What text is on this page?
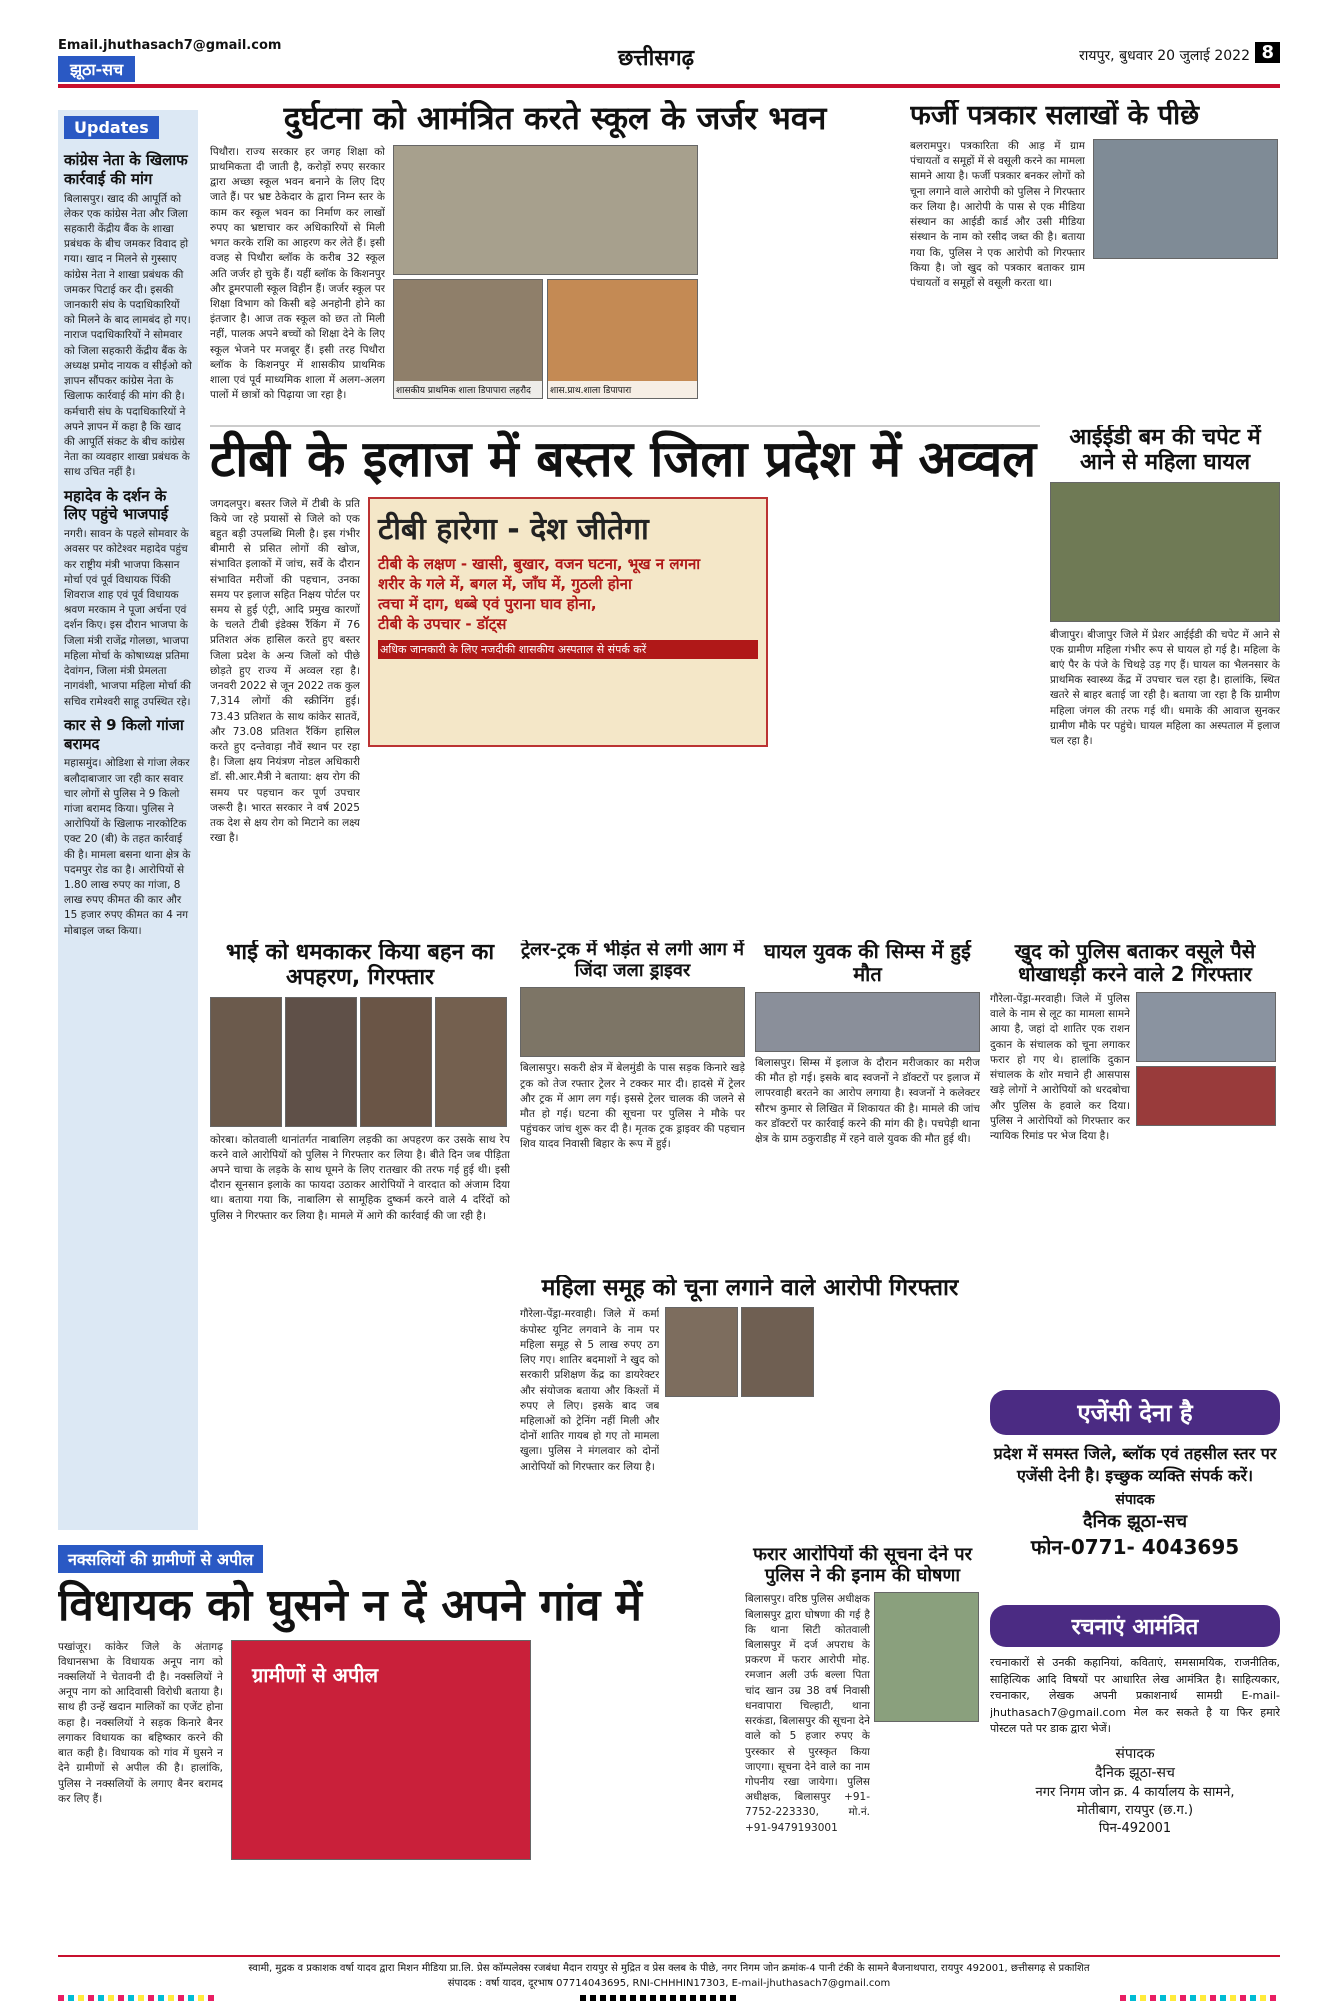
Email.jhuthasach7@gmail.com
झूठा-सच	छत्तीसगढ़	रायपुर, बुधवार 20 जुलाई 2022 8
Updates
कांग्रेस नेता के खिलाफ कार्रवाई की मांग
बिलासपुर। खाद की आपूर्ति को लेकर एक कांग्रेस नेता और जिला सहकारी केंद्रीय बैंक के शाखा प्रबंधक के बीच जमकर विवाद हो गया। खाद न मिलने से गुस्साए कांग्रेस नेता ने शाखा प्रबंधक की जमकर पिटाई कर दी। इसकी जानकारी संघ के पदाधिकारियों को मिलने के बाद लामबंद हो गए। नाराज पदाधिकारियों ने सोमवार को जिला सहकारी केंद्रीय बैंक के अध्यक्ष प्रमोद नायक व सीईओ को ज्ञापन सौंपकर कांग्रेस नेता के खिलाफ कार्रवाई की मांग की है। कर्मचारी संघ के पदाधिकारियों ने अपने ज्ञापन में कहा है कि खाद की आपूर्ति संकट के बीच कांग्रेस नेता का व्यवहार शाखा प्रबंधक के साथ उचित नहीं है।
महादेव के दर्शन के लिए पहुंचे भाजपाई
नगरी। सावन के पहले सोमवार के अवसर पर कोटेश्वर महादेव पहुंच कर राष्ट्रीय मंत्री भाजपा किसान मोर्चा एवं पूर्व विधायक पिंकी शिवराज शाह एवं पूर्व विधायक श्रवण मरकाम ने पूजा अर्चना एवं दर्शन किए। इस दौरान भाजपा के जिला मंत्री राजेंद्र गोलछा, भाजपा महिला मोर्चा के कोषाध्यक्ष प्रतिमा देवांगन, जिला मंत्री प्रेमलता नागवंशी, भाजपा महिला मोर्चा की सचिव रामेश्वरी साहू उपस्थित रहे।
कार से 9 किलो गांजा बरामद
महासमुंद। ओडिशा से गांजा लेकर बलौदाबाजार जा रही कार सवार चार लोगों से पुलिस ने 9 किलो गांजा बरामद किया। पुलिस ने आरोपियों के खिलाफ नारकोटिक एक्ट 20 (बी) के तहत कार्रवाई की है। मामला बसना थाना क्षेत्र के पदमपुर रोड का है। आरोपियों से 1.80 लाख रुपए का गांजा, 8 लाख रुपए कीमत की कार और 15 हजार रुपए कीमत का 4 नग मोबाइल जब्त किया।
दुर्घटना को आमंत्रित करते स्कूल के जर्जर भवन
पिथौरा। राज्य सरकार हर जगह शिक्षा को प्राथमिकता दी जाती है, करोड़ों रुपए सरकार द्वारा अच्छा स्कूल भवन बनाने के लिए दिए जाते हैं। पर भ्रष्ट ठेकेदार के द्वारा निम्न स्तर के काम कर स्कूल भवन का निर्माण कर लाखों रुपए का भ्रष्टाचार कर अधिकारियों से मिली भगत करके राशि का आहरण कर लेते हैं। इसी वजह से पिथौरा ब्लॉक के करीब 32 स्कूल अति जर्जर हो चुके हैं। यहीं ब्लॉक के किशनपुर और डूमरपाली स्कूल विहीन हैं। जर्जर स्कूल पर शिक्षा विभाग को किसी बड़े अनहोनी होने का इंतजार है। आज तक स्कूल को छत तो मिली नहीं, पालक अपने बच्चों को शिक्षा देने के लिए स्कूल भेजने पर मजबूर हैं। इसी तरह पिथौरा ब्लॉक के किशनपुर में शासकीय प्राथमिक शाला एवं पूर्व माध्यमिक शाला में अलग-अलग पालों में छात्रों को पिढ़ाया जा रहा है।	शासकीय प्राथमिक शाला डिपापारा लहरौद	शास.प्राथ.शाला डिपापारा
फर्जी पत्रकार सलाखों के पीछे
बलरामपुर। पत्रकारिता की आड़ में ग्राम पंचायतों व समूहों में से वसूली करने का मामला सामने आया है। फर्जी पत्रकार बनकर लोगों को चूना लगाने वाले आरोपी को पुलिस ने गिरफ्तार कर लिया है। आरोपी के पास से एक मीडिया संस्थान का आईडी कार्ड और उसी मीडिया संस्थान के नाम को रसीद जब्त की है। बताया गया कि, पुलिस ने एक आरोपी को गिरफ्तार किया है। जो खुद को पत्रकार बताकर ग्राम पंचायतों व समूहों से वसूली करता था।
टीबी के इलाज में बस्तर जिला प्रदेश में अव्वल
जगदलपुर। बस्तर जिले में टीबी के प्रति किये जा रहे प्रयासों से जिले को एक बहुत बड़ी उपलब्धि मिली है। इस गंभीर बीमारी से प्रसित लोगों की खोज, संभावित इलाकों में जांच, सर्वे के दौरान संभावित मरीजों की पहचान, उनका समय पर इलाज सहित निक्षय पोर्टल पर समय से हुई एंट्री, आदि प्रमुख कारणों के चलते टीबी इंडेक्स रैंकिंग में 76 प्रतिशत अंक हासिल करते हुए बस्तर जिला प्रदेश के अन्य जिलों को पीछे छोड़ते हुए राज्य में अव्वल रहा है। जनवरी 2022 से जून 2022 तक कुल 7,314 लोगों की स्क्रीनिंग हुई। 73.43 प्रतिशत के साथ कांकेर सातवें, और 73.08 प्रतिशत रैंकिंग हासिल करते हुए दन्तेवाड़ा नौवें स्थान पर रहा है। जिला क्षय नियंत्रण नोडल अधिकारी डॉ. सी.आर.मैत्री ने बताया: क्षय रोग की समय पर पहचान कर पूर्ण उपचार जरूरी है। भारत सरकार ने वर्ष 2025 तक देश से क्षय रोग को मिटाने का लक्ष्य रखा है।
टीबी हारेगा - देश जीतेगा
टीबी के लक्षण - खासी, बुखार, वजन घटना, भूख न लगना
शरीर के गले में, बगल में, जाँघ में, गुठली होना
त्वचा में दाग, धब्बे एवं पुराना घाव होना,
टीबी के उपचार - डॉट्स
अधिक जानकारी के लिए नजदीकी शासकीय अस्पताल से संपर्क करें
आईईडी बम की चपेट में आने से महिला घायल
बीजापुर। बीजापुर जिले में प्रेशर आईईडी की चपेट में आने से एक ग्रामीण महिला गंभीर रूप से घायल हो गई है। महिला के बाएं पैर के पंजे के चिथड़े उड़ गए हैं। घायल का भैलनसार के प्राथमिक स्वास्थ्य केंद्र में उपचार चल रहा है। हालांकि, स्थित खतरे से बाहर बताई जा रही है। बताया जा रहा है कि ग्रामीण महिला जंगल की तरफ गई थी। धमाके की आवाज सुनकर ग्रामीण मौके पर पहुंचे। घायल महिला का अस्पताल में इलाज चल रहा है।
भाई को धमकाकर किया बहन का अपहरण, गिरफ्तार
कोरबा। कोतवाली थानांतर्गत नाबालिग लड़की का अपहरण कर उसके साथ रेप करने वाले आरोपियों को पुलिस ने गिरफ्तार कर लिया है। बीते दिन जब पीड़िता अपने चाचा के लड़के के साथ घूमने के लिए रातखार की तरफ गई हुई थी। इसी दौरान सूनसान इलाके का फायदा उठाकर आरोपियों ने वारदात को अंजाम दिया था। बताया गया कि, नाबालिग से सामूहिक दुष्कर्म करने वाले 4 दरिंदों को पुलिस ने गिरफ्तार कर लिया है। मामले में आगे की कार्रवाई की जा रही है।
ट्रेलर-ट्रक में भीड़ंत से लगी आग में जिंदा जला ड्राइवर
बिलासपुर। सकरी क्षेत्र में बेलमुंडी के पास सड़क किनारे खड़े ट्रक को तेज रफ्तार ट्रेलर ने टक्कर मार दी। हादसे में ट्रेलर और ट्रक में आग लग गई। इससे ट्रेलर चालक की जलने से मौत हो गई। घटना की सूचना पर पुलिस ने मौके पर पहुंचकर जांच शुरू कर दी है। मृतक ट्रक ड्राइवर की पहचान शिव यादव निवासी बिहार के रूप में हुई।
घायल युवक की सिम्स में हुई मौत
बिलासपुर। सिम्स में इलाज के दौरान मरीजकार का मरीज की मौत हो गई। इसके बाद स्वजनों ने डॉक्टरों पर इलाज में लापरवाही बरतने का आरोप लगाया है। स्वजनों ने कलेक्टर सौरभ कुमार से लिखित में शिकायत की है। मामले की जांच कर डॉक्टरों पर कार्रवाई करने की मांग की है। पचपेड़ी थाना क्षेत्र के ग्राम ठकुराडीह में रहने वाले युवक की मौत हुई थी।
खुद को पुलिस बताकर वसूले पैसे धोखाधड़ी करने वाले 2 गिरफ्तार
गौरेला-पेंड्रा-मरवाही। जिले में पुलिस वाले के नाम से लूट का मामला सामने आया है, जहां दो शातिर एक राशन दुकान के संचालक को चूना लगाकर फरार हो गए थे। हालांकि दुकान संचालक के शोर मचाने ही आसपास खड़े लोगों ने आरोपियों को धरदबोचा और पुलिस के हवाले कर दिया। पुलिस ने आरोपियों को गिरफ्तार कर न्यायिक रिमांड पर भेज दिया है।
महिला समूह को चूना लगाने वाले आरोपी गिरफ्तार
गौरेला-पेंड्रा-मरवाही। जिले में कर्मा कंपोस्ट यूनिट लगवाने के नाम पर महिला समूह से 5 लाख रुपए ठग लिए गए। शातिर बदमाशों ने खुद को सरकारी प्रशिक्षण केंद्र का डायरेक्टर और संयोजक बताया और किश्तों में रुपए ले लिए। इसके बाद जब महिलाओं को ट्रेनिंग नहीं मिली और दोनों शातिर गायब हो गए तो मामला खुला। पुलिस ने मंगलवार को दोनों आरोपियों को गिरफ्तार कर लिया है।
एजेंसी देना है
प्रदेश में समस्त जिले, ब्लॉक एवं तहसील स्तर पर एजेंसी देनी है। इच्छुक व्यक्ति संपर्क करें।
संपादक
दैनिक झूठा-सच
फोन-0771- 4043695
रचनाएं आमंत्रित
रचनाकारों से उनकी कहानियां, कविताएं, समसामयिक, राजनीतिक, साहित्यिक आदि विषयों पर आधारित लेख आमंत्रित है। साहित्यकार, रचनाकार, लेखक अपनी प्रकाशनार्थ सामग्री E-mail-jhuthasach7@gmail.com मेल कर सकते है या फिर हमारे पोस्टल पते पर डाक द्वारा भेजें।
संपादक
दैनिक झूठा-सच
नगर निगम जोन क्र. 4 कार्यालय के सामने,
मोतीबाग, रायपुर (छ.ग.)
पिन-492001
नक्सलियों की ग्रामीणों से अपील
विधायक को घुसने न दें अपने गांव में
पखांजूर। कांकेर जिले के अंतागढ़ विधानसभा के विधायक अनूप नाग को नक्सलियों ने चेतावनी दी है। नक्सलियों ने अनूप नाग को आदिवासी विरोधी बताया है। साथ ही उन्हें खदान मालिकों का एजेंट होना कहा है। नक्सलियों ने सड़क किनारे बैनर लगाकर विधायक का बहिष्कार करने की बात कही है। विधायक को गांव में घुसने न देने ग्रामीणों से अपील की है। हालांकि, पुलिस ने नक्सलियों के लगाए बैनर बरामद कर लिए हैं।
ग्रामीणों से अपील
फरार आरोपियों की सूचना देने पर पुलिस ने की इनाम की घोषणा
बिलासपुर। वरिष्ठ पुलिस अधीक्षक बिलासपुर द्वारा घोषणा की गई है कि थाना सिटी कोतवाली बिलासपुर में दर्ज अपराध के प्रकरण में फरार आरोपी मोह. रमजान अली उर्फ बल्ला पिता चांद खान उम्र 38 वर्ष निवासी धनवापारा चिल्हाटी, थाना सरकंडा, बिलासपुर की सूचना देने वाले को 5 हजार रुपए के पुरस्कार से पुरस्कृत किया जाएगा। सूचना देने वाले का नाम गोपनीय रखा जायेगा। पुलिस अधीक्षक, बिलासपुर +91-7752-223330, मो.नं. +91-9479193001
स्वामी, मुद्रक व प्रकाशक वर्षा यादव द्वारा मिशन मीडिया प्रा.लि. प्रेस कॉम्पलेक्स रजबंधा मैदान रायपुर से मुद्रित व प्रेस क्लब के पीछे, नगर निगम जोन क्रमांक-4 पानी टंकी के सामने बैजनाथपारा, रायपुर 492001, छत्तीसगढ़ से प्रकाशित
संपादक : वर्षा यादव, दूरभाष 07714043695, RNI-CHHHIN17303, E-mail-jhuthasach7@gmail.com
